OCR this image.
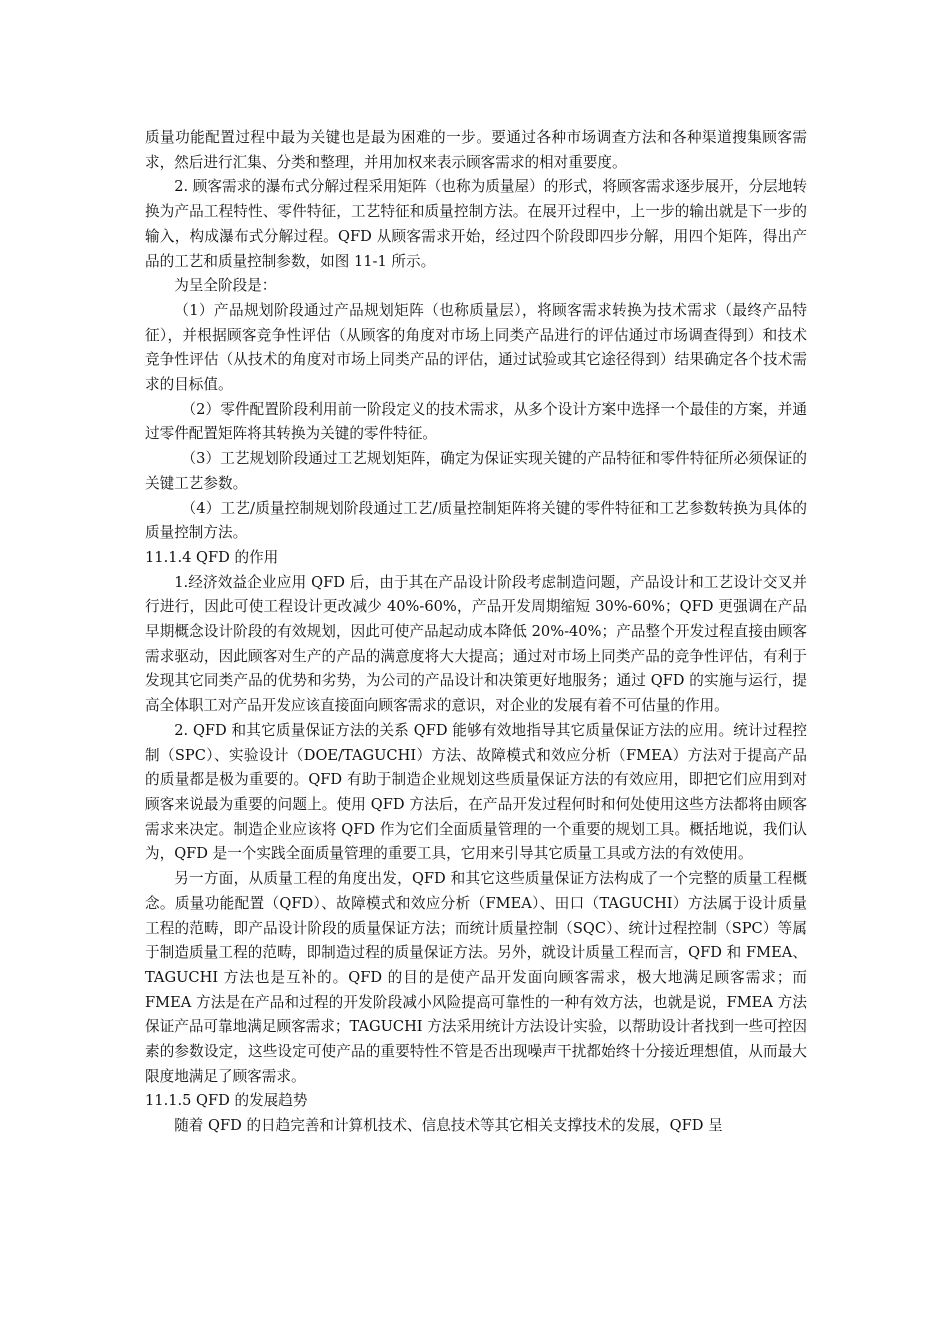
质量功能配置过程中最为关键也是最为困难的一步。要通过各种市场调查方法和各种渠道搜集顾客需求，然后进行汇集、分类和整理，并用加权来表示顾客需求的相对重要度。

2. 顾客需求的瀑布式分解过程采用矩阵（也称为质量屋）的形式，将顾客需求逐步展开，分层地转换为产品工程特性、零件特征，工艺特征和质量控制方法。在展开过程中，上一步的输出就是下一步的输入，构成瀑布式分解过程。QFD 从顾客需求开始，经过四个阶段即四步分解，用四个矩阵，得出产品的工艺和质量控制参数，如图 11-1 所示。

为呈全阶段是：

（1）产品规划阶段通过产品规划矩阵（也称质量层），将顾客需求转换为技术需求（最终产品特征），并根据顾客竞争性评估（从顾客的角度对市场上同类产品进行的评估通过市场调查得到）和技术竞争性评估（从技术的角度对市场上同类产品的评估，通过试验或其它途径得到）结果确定各个技术需求的目标值。

（2）零件配置阶段利用前一阶段定义的技术需求，从多个设计方案中选择一个最佳的方案，并通过零件配置矩阵将其转换为关键的零件特征。

（3）工艺规划阶段通过工艺规划矩阵，确定为保证实现关键的产品特征和零件特征所必须保证的关键工艺参数。

（4）工艺/质量控制规划阶段通过工艺/质量控制矩阵将关键的零件特征和工艺参数转换为具体的质量控制方法。

11.1.4 QFD 的作用

1.经济效益企业应用 QFD 后，由于其在产品设计阶段考虑制造问题，产品设计和工艺设计交叉并行进行，因此可使工程设计更改减少 40%-60%，产品开发周期缩短 30%-60%；QFD 更强调在产品早期概念设计阶段的有效规划，因此可使产品起动成本降低 20%-40%；产品整个开发过程直接由顾客需求驱动，因此顾客对生产的产品的满意度将大大提高；通过对市场上同类产品的竞争性评估，有利于发现其它同类产品的优势和劣势，为公司的产品设计和决策更好地服务；通过 QFD 的实施与运行，提高全体职工对产品开发应该直接面向顾客需求的意识，对企业的发展有着不可估量的作用。

2. QFD 和其它质量保证方法的关系 QFD 能够有效地指导其它质量保证方法的应用。统计过程控制（SPC）、实验设计（DOE/TAGUCHI）方法、故障模式和效应分析（FMEA）方法对于提高产品的质量都是极为重要的。QFD 有助于制造企业规划这些质量保证方法的有效应用，即把它们应用到对顾客来说最为重要的问题上。使用 QFD 方法后，在产品开发过程何时和何处使用这些方法都将由顾客需求来决定。制造企业应该将 QFD 作为它们全面质量管理的一个重要的规划工具。概括地说，我们认为，QFD 是一个实践全面质量管理的重要工具，它用来引导其它质量工具或方法的有效使用。

另一方面，从质量工程的角度出发，QFD 和其它这些质量保证方法构成了一个完整的质量工程概念。质量功能配置（QFD）、故障模式和效应分析（FMEA）、田口（TAGUCHI）方法属于设计质量工程的范畴，即产品设计阶段的质量保证方法；而统计质量控制（SQC）、统计过程控制（SPC）等属于制造质量工程的范畴，即制造过程的质量保证方法。另外，就设计质量工程而言，QFD 和 FMEA、TAGUCHI 方法也是互补的。QFD 的目的是使产品开发面向顾客需求，极大地满足顾客需求；而 FMEA 方法是在产品和过程的开发阶段减小风险提高可靠性的一种有效方法，也就是说，FMEA 方法保证产品可靠地满足顾客需求；TAGUCHI 方法采用统计方法设计实验，以帮助设计者找到一些可控因素的参数设定，这些设定可使产品的重要特性不管是否出现噪声干扰都始终十分接近理想值，从而最大限度地满足了顾客需求。

11.1.5 QFD 的发展趋势

随着 QFD 的日趋完善和计算机技术、信息技术等其它相关支撑技术的发展，QFD 呈
